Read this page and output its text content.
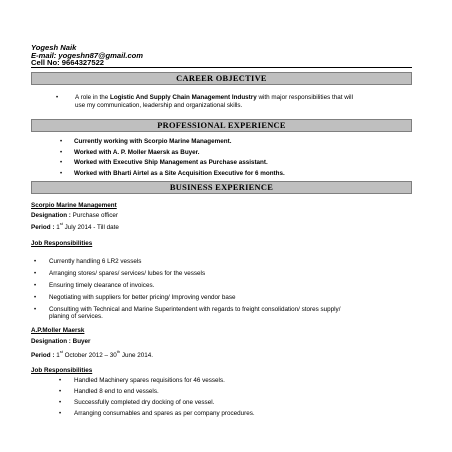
Yogesh Naik
E-mail: yogeshn87@gmail.com
Cell No: 9664327522
CAREER OBJECTIVE
•	A role in the Logistic And Supply Chain Management Industry with major responsibilities that will
use my communication, leadership and organizational skills.
PROFESSIONAL EXPERIENCE
• Currently working with Scorpio Marine Management.
• Worked with A. P. Moller Maersk as Buyer.
• Worked with Executive Ship Management as Purchase assistant.
• Worked with Bharti Airtel as a Site Acquisition Executive for 6 months.
BUSINESS EXPERIENCE
Scorpio Marine Management
Designation : Purchase officer
Period : 1st July 2014 - Till date
Job Responsibilities
• Currently handling 6 LR2 vessels
• Arranging stores/ spares/ services/ lubes for the vessels
• Ensuring timely clearance of invoices.
• Negotiating with suppliers for better pricing/ Improving vendor base
• Consulting with Technical and Marine Superintendent with regards to freight consolidation/ stores supply/
planing of services.
A.P.Moller Maersk
Designation : Buyer
Period : 1st October 2012 – 30th June 2014.
Job Responsibilities
• Handled Machinery spares requisitions for 46 vessels.
• Handled 8 end to end vessels.
• Successfully completed dry docking of one vessel.
• Arranging consumables and spares as per company procedures.
